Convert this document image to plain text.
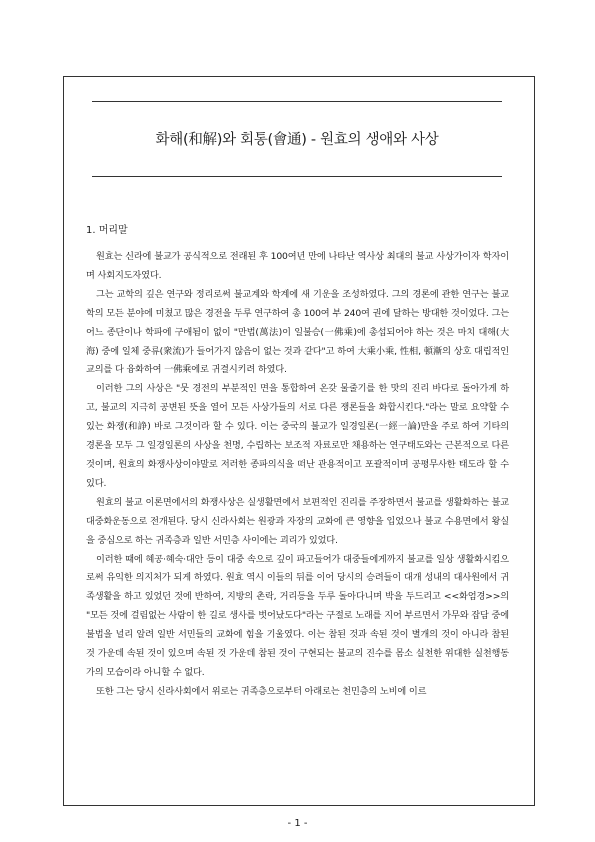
화해(和解)와 회통(會通) - 원효의 생애와 사상
1. 머리말

원효는 신라에 불교가 공식적으로 전래된 후 100여년 만에 나타난 역사상 최대의 불교 사상가이자 학자이며 사회지도자였다.

그는 교학의 깊은 연구와 정리로써 불교계와 학계에 새 기운을 조성하였다. 그의 경론에 관한 연구는 불교학의 모든 분야에 미쳤고 많은 경전을 두루 연구하여 총 100여 부 240여 권에 달하는 방대한 것이었다. 그는 어느 종단이나 학파에 구애됨이 없이 "만법(萬法)이 일불승(一佛乘)에 총섭되어야 하는 것은 마치 대해(大海) 중에 일체 중류(衆流)가 들어가지 않음이 없는 것과 같다"고 하여 大乘小乘, 性相, 頓漸의 상호 대립적인 교의를 다 융화하여 一佛乘에로 귀결시키려 하였다.

이러한 그의 사상은 "뭇 경전의 부분적인 면을 통합하여 온갖 물줄기를 한 맛의 진리 바다로 돌아가게 하고, 불교의 지극히 공변된 뜻을 열어 모든 사상가들의 서로 다른 쟁론들을 화합시킨다."라는 말로 요약할 수 있는 화쟁(和諍) 바로 그것이라 할 수 있다. 이는 중국의 불교가 일경일론(一經一論)만을 주로 하여 기타의 경론을 모두 그 일경일론의 사상을 천명, 수립하는 보조적 자료로만 채용하는 연구태도와는 근본적으로 다른 것이며, 원효의 화쟁사상이야말로 저러한 종파의식을 떠난 관용적이고 포괄적이며 공평무사한 태도라 할 수 있다.

원효의 불교 이론면에서의 화쟁사상은 실생활면에서 보편적인 진리를 주장하면서 불교를 생활화하는 불교대중화운동으로 전개된다. 당시 신라사회는 원광과 자장의 교화에 큰 영향을 입었으나 불교 수용면에서 왕실을 중심으로 하는 귀족층과 일반 서민층 사이에는 괴리가 있었다.

이러한 때에 혜공·혜숙·대안 등이 대중 속으로 깊이 파고들어가 대중들에게까지 불교를 일상 생활화시킴으로써 유익한 의지처가 되게 하였다. 원효 역시 이들의 뒤를 이어 당시의 승려들이 대개 성내의 대사원에서 귀족생활을 하고 있었던 것에 반하여, 지방의 촌락, 거리등을 두루 돌아다니며 박을 두드리고 <<화엄경>>의 "모든 것에 걸림없는 사람이 한 길로 생사를 벗어났도다"라는 구절로 노래를 지어 부르면서 가무와 잡담 중에 불법을 널리 알려 일반 서민들의 교화에 힘을 기울였다. 이는 참된 것과 속된 것이 별개의 것이 아니라 참된 것 가운데 속된 것이 있으며 속된 것 가운데 참된 것이 구현되는 불교의 진수를 몸소 실천한 위대한 실천행동가의 모습이라 아니할 수 없다.

또한 그는 당시 신라사회에서 위로는 귀족층으로부터 아래로는 천민층의 노비에 이르

- 1 -
